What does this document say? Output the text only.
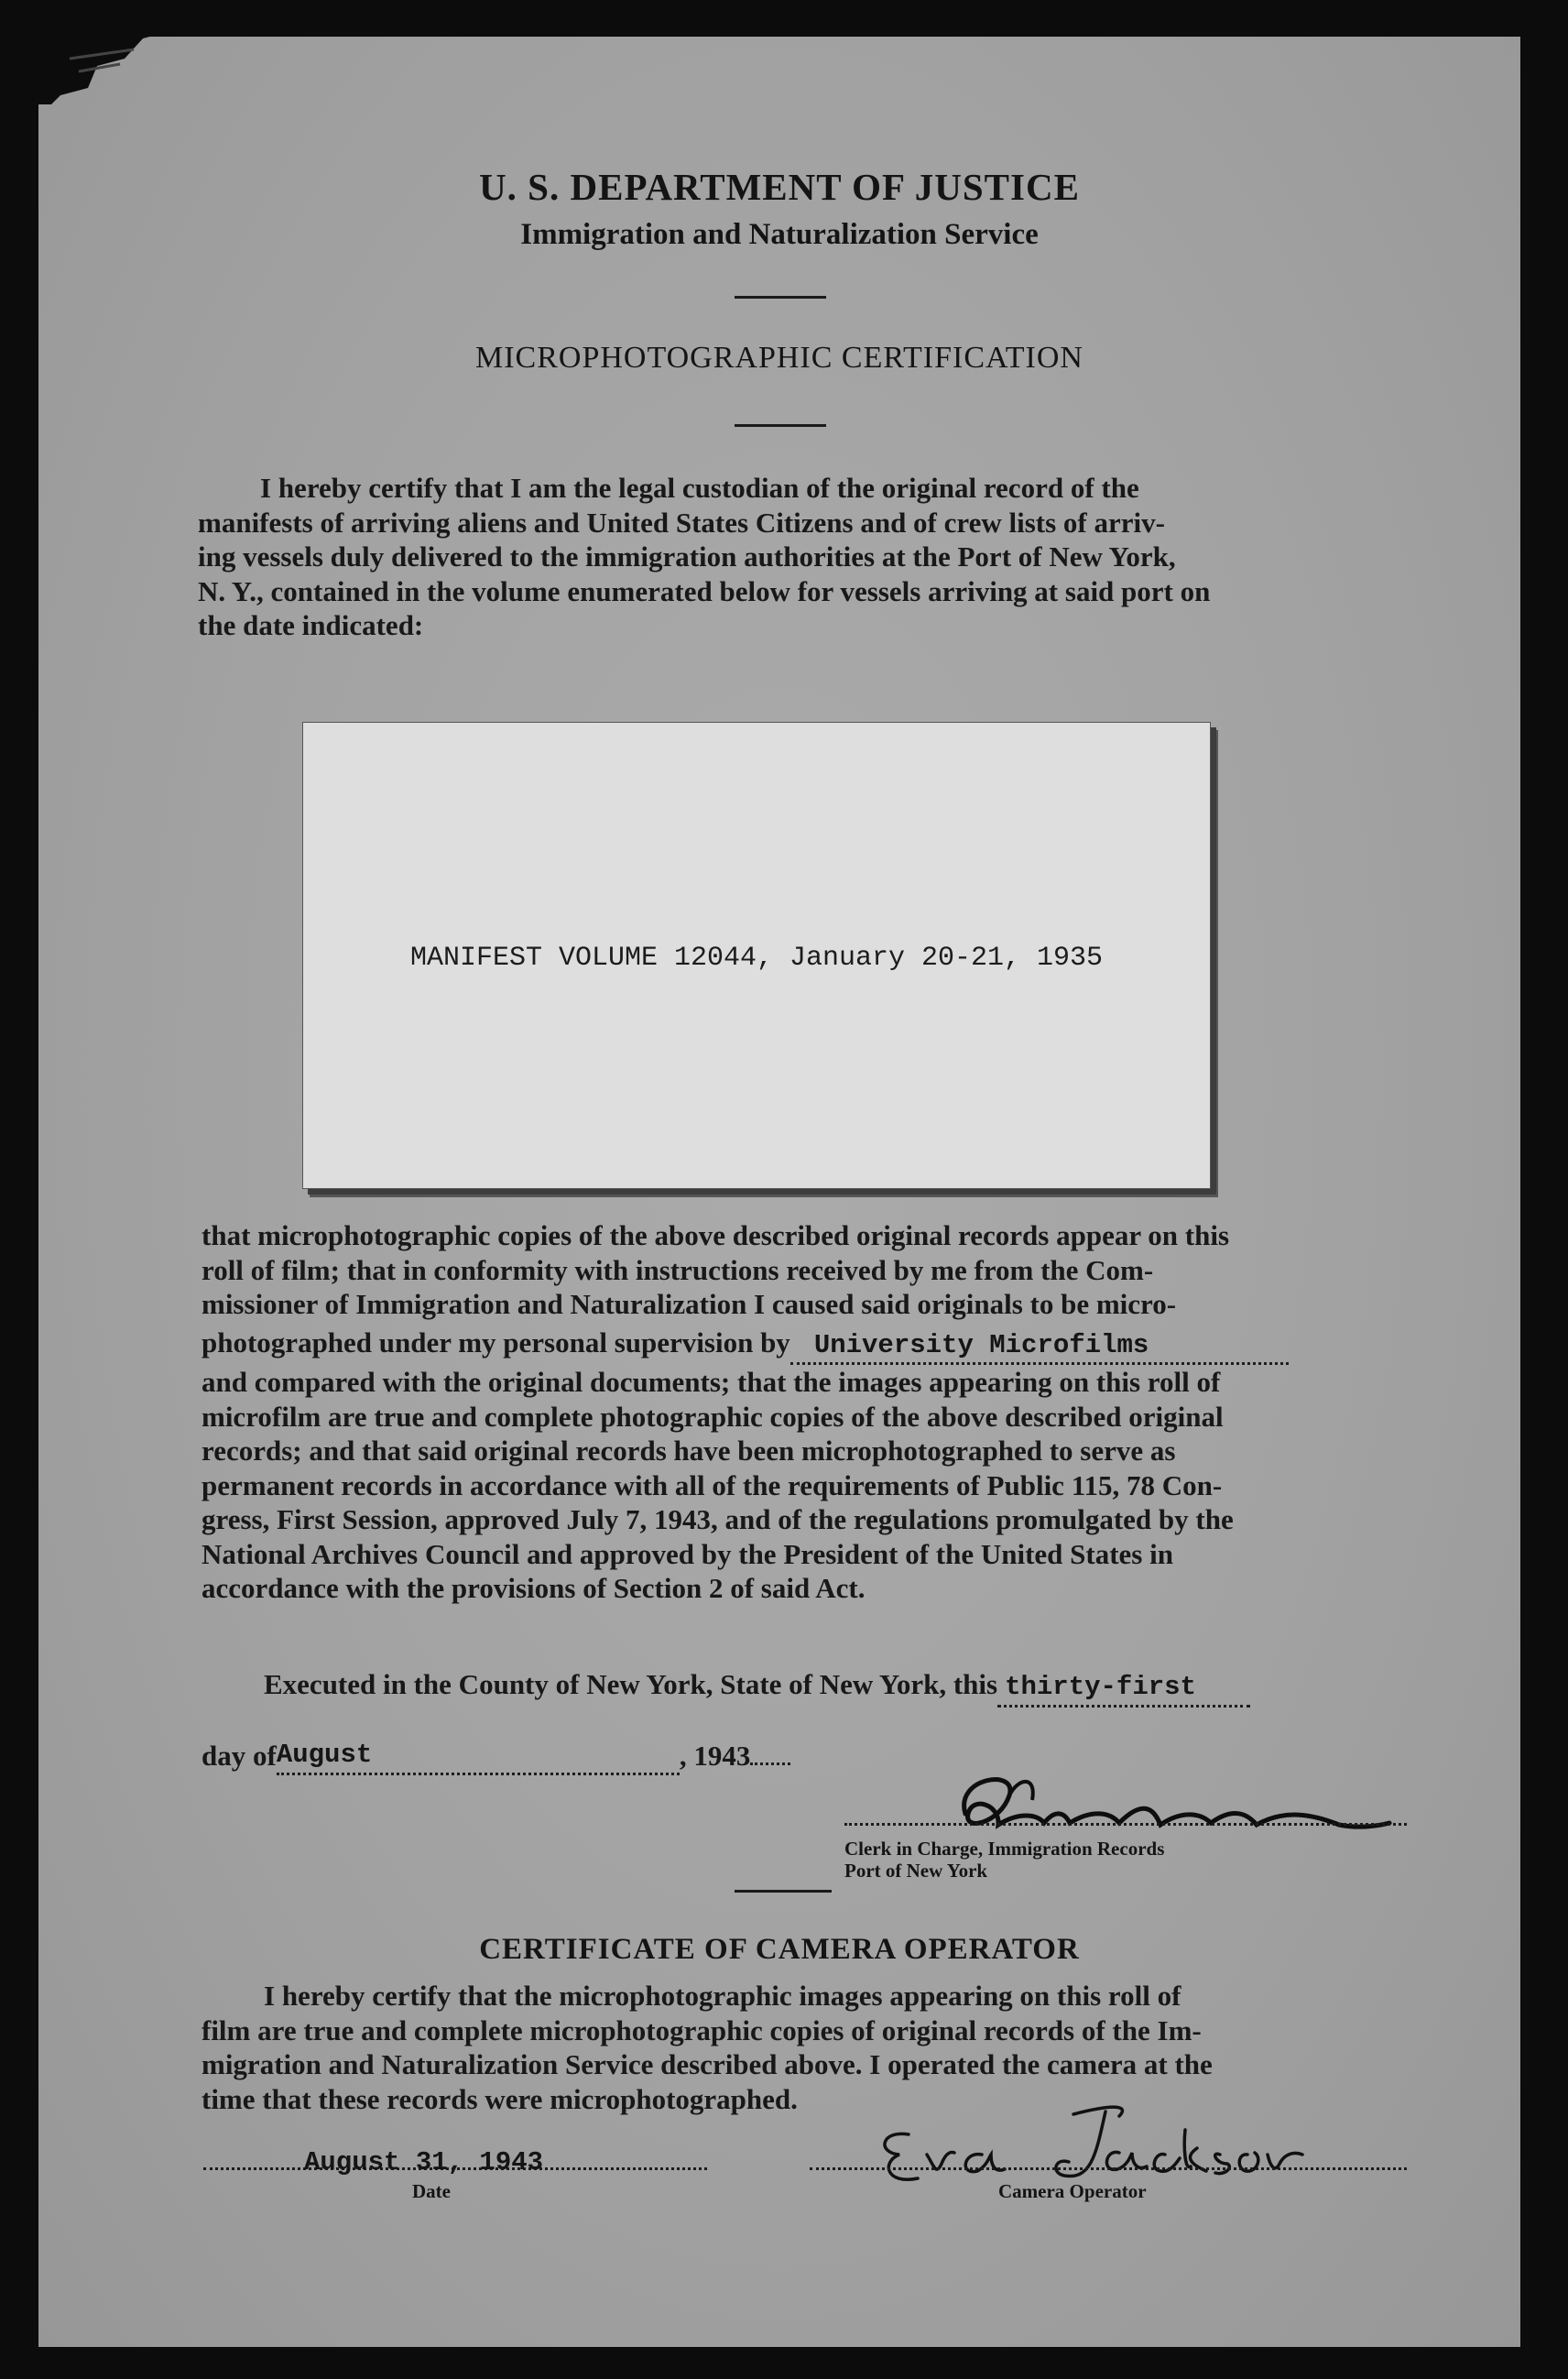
U. S. DEPARTMENT OF JUSTICE
Immigration and Naturalization Service
MICROPHOTOGRAPHIC CERTIFICATION
I hereby certify that I am the legal custodian of the original record of the
manifests of arriving aliens and United States Citizens and of crew lists of arriv-
ing vessels duly delivered to the immigration authorities at the Port of New York,
N. Y., contained in the volume enumerated below for vessels arriving at said port on
the date indicated:
MANIFEST VOLUME 12044, January 20-21, 1935
that microphotographic copies of the above described original records appear on this
roll of film; that in conformity with instructions received by me from the Com-
missioner of Immigration and Naturalization I caused said originals to be micro-
photographed under my personal supervision by University Microfilms
and compared with the original documents; that the images appearing on this roll of
microfilm are true and complete photographic copies of the above described original
records; and that said original records have been microphotographed to serve as
permanent records in accordance with all of the requirements of Public 115, 78 Con-
gress, First Session, approved July 7, 1943, and of the regulations promulgated by the
National Archives Council and approved by the President of the United States in
accordance with the provisions of Section 2 of said Act.
Executed in the County of New York, State of New York, this thirty-first
day ofAugust	, 1943
Clerk in Charge, Immigration Records
Port of New York
CERTIFICATE OF CAMERA OPERATOR
I hereby certify that the microphotographic images appearing on this roll of
film are true and complete microphotographic copies of original records of the Im-
migration and Naturalization Service described above. I operated the camera at the
time that these records were microphotographed.
August 31, 1943
Date	Camera Operator
